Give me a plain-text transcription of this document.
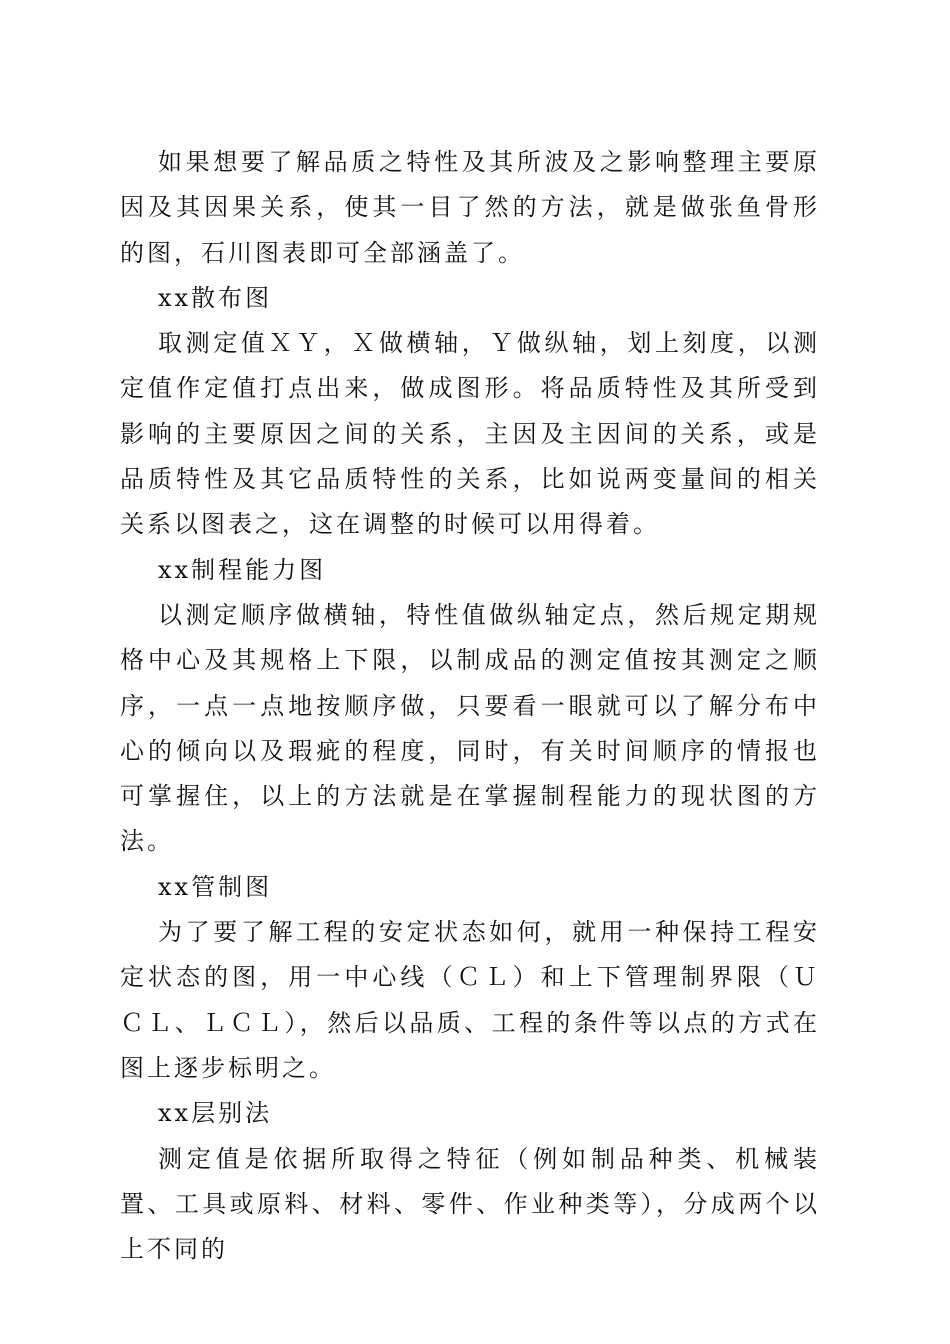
如果想要了解品质之特性及其所波及之影响整理主要原因及其因果关系，使其一目了然的方法，就是做张鱼骨形的图，石川图表即可全部涵盖了。

xx散布图

取测定值ＸＹ，Ｘ做横轴，Ｙ做纵轴，划上刻度，以测定值作定值打点出来，做成图形。将品质特性及其所受到影响的主要原因之间的关系，主因及主因间的关系，或是品质特性及其它品质特性的关系，比如说两变量间的相关关系以图表之，这在调整的时候可以用得着。

xx制程能力图

以测定顺序做横轴，特性值做纵轴定点，然后规定期规格中心及其规格上下限，以制成品的测定值按其测定之顺序，一点一点地按顺序做，只要看一眼就可以了解分布中心的倾向以及瑕疵的程度，同时，有关时间顺序的情报也可掌握住，以上的方法就是在掌握制程能力的现状图的方法。

xx管制图

为了要了解工程的安定状态如何，就用一种保持工程安定状态的图，用一中心线（ＣＬ）和上下管理制界限（ＵＣＬ、ＬＣＬ），然后以品质、工程的条件等以点的方式在图上逐步标明之。

xx层别法

测定值是依据所取得之特征（例如制品种类、机械装置、工具或原料、材料、零件、作业种类等），分成两个以上不同的
